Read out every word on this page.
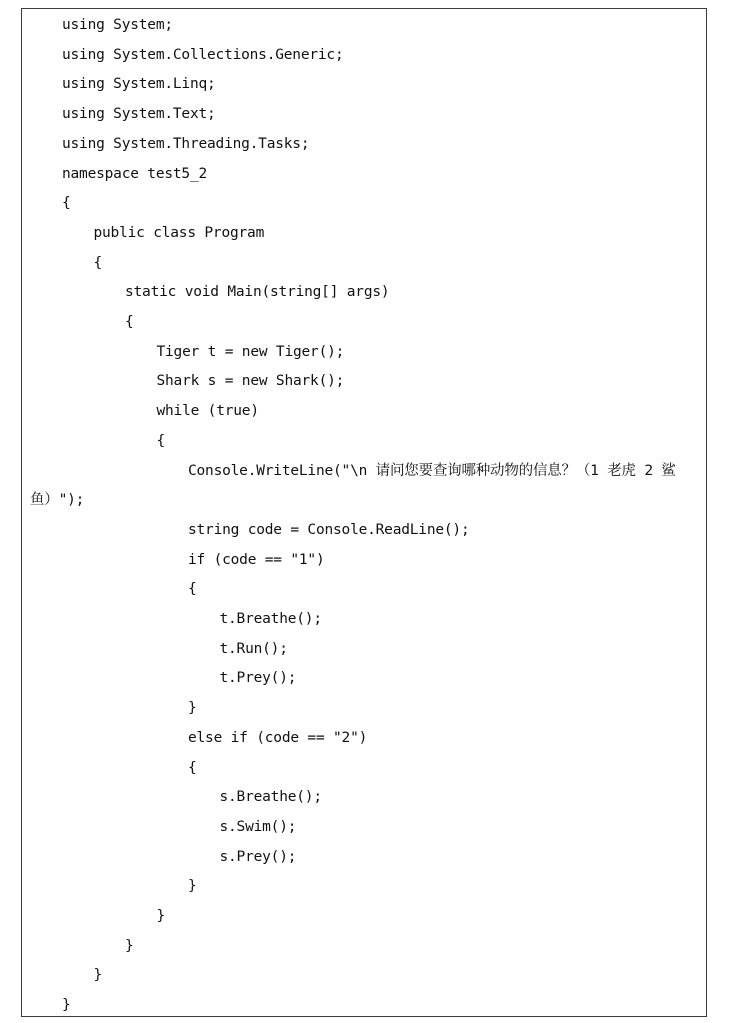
using System;
using System.Collections.Generic;
using System.Linq;
using System.Text;
using System.Threading.Tasks;
namespace test5_2
{
public class Program
{
static void Main(string[] args)
{
Tiger t = new Tiger();
Shark s = new Shark();
while (true)
{
Console.WriteLine("\n 请问您要查询哪种动物的信息？（1 老虎 2 鲨
鱼）");
string code = Console.ReadLine();
if (code == "1")
{
t.Breathe();
t.Run();
t.Prey();
}
else if (code == "2")
{
s.Breathe();
s.Swim();
s.Prey();
}
}
}
}
}
